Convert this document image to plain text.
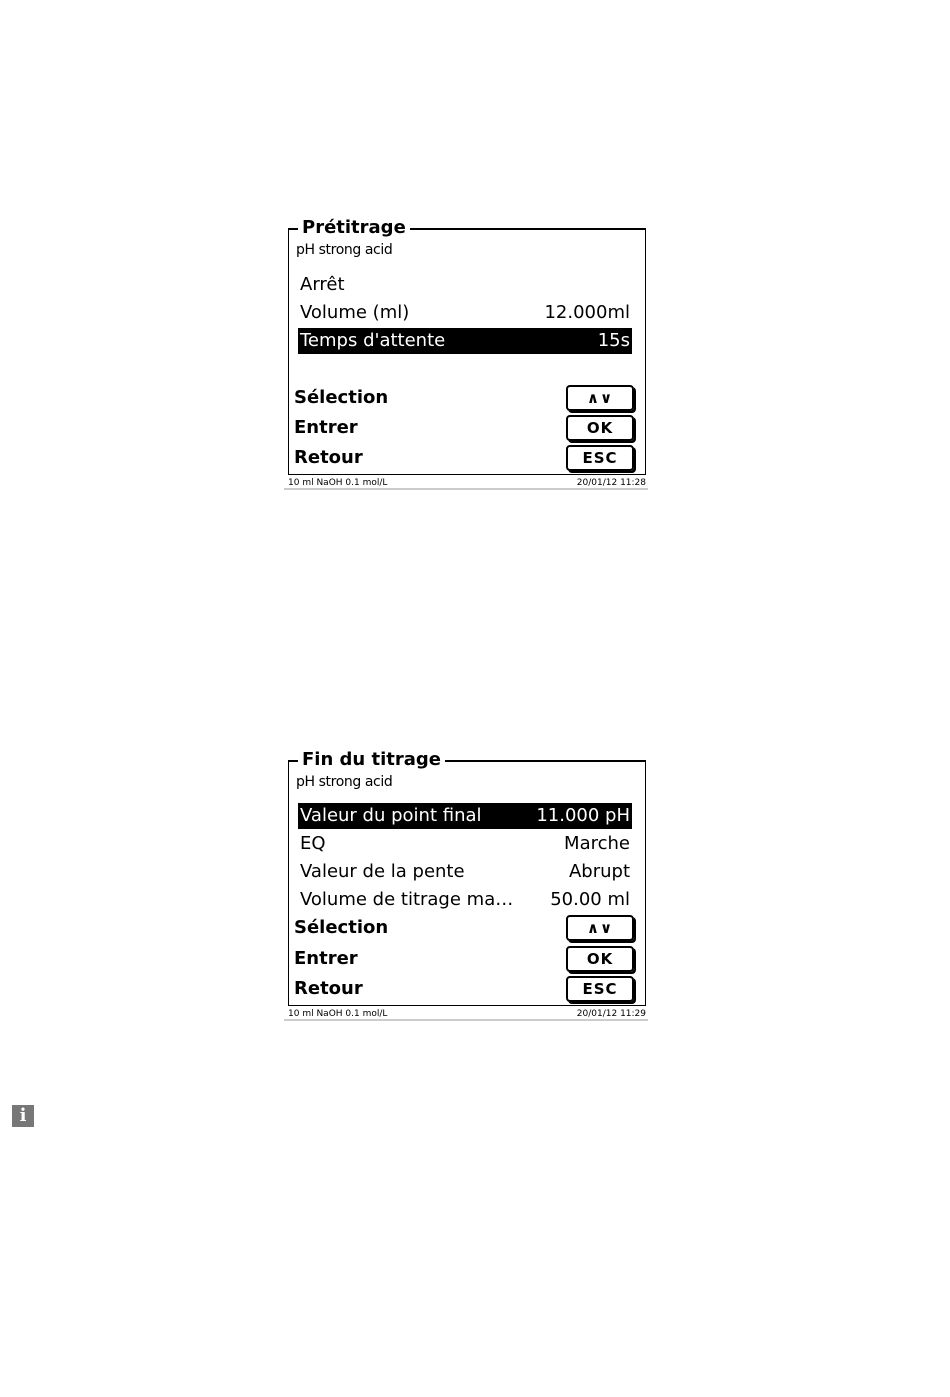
Prétitrage
pH strong acid
Arrêt
Volume (ml)	12.000ml
Temps d'attente	15s
Sélection	∧∨
Entrer	OK
Retour	ESC
10 ml NaOH 0.1 mol/L	20/01/12 11:28
Fin du titrage
pH strong acid
Valeur du point final	11.000 pH
EQ	Marche
Valeur de la pente	Abrupt
Volume de titrage ma… 50.00 ml
Sélection	∧∨
Entrer	OK
Retour	ESC
10 ml NaOH 0.1 mol/L	20/01/12 11:29
i
